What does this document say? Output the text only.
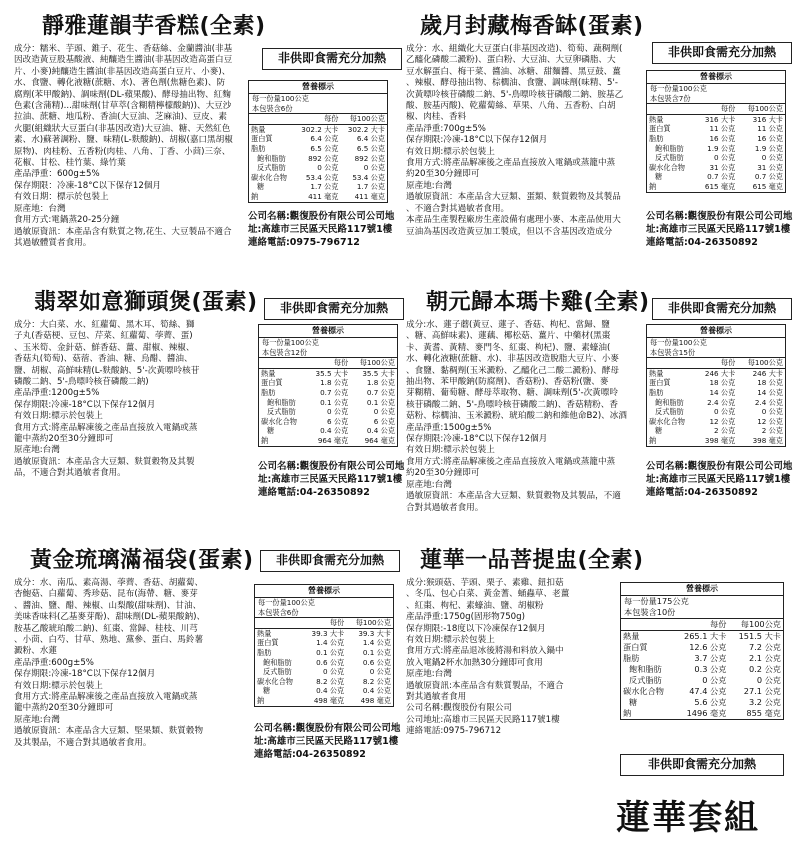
靜雅蓮韻芋香糕(全素)
非供即食需充分加熱
成分：糯米、芋頭、錐子、花生、香菇絲、金蘭醬油(非基
因改造黃豆股基酸液、純釀造生醬油(非基因改造高蛋白豆
片、小麥)純釀造生醬油(非基因改造高蛋白豆片、小麥)、
水、食鹽、轉化液糖(蔗糖、水)、著色劑(焦糖色素)、防
腐劑(苯甲酸鈉)、調味劑(DL-蘋果酸)、酵母抽出物、紅麴
色素(含蒲精)...甜味劑(甘草萃(含糊精檸檬酸鈉))、大豆沙
拉油、蔗糖、地瓜粉、香油(大豆油、芝麻油)、豆皮、素
火腿(組織狀大豆蛋白(非基因改造)大豆油、糖、天然紅色
素、水)蘇著調粉、鹽、味精(L-麩酸鈉)、胡椒(嘉口黑胡椒
原物)、肉桂粉、五香粉(肉桂、八角、丁香、小茴)三奈、
花椒、甘松、桂竹葉、綠竹葉
產品淨重：600g±5%
保存期限：冷凍-18°C以下保存12個月
有效日期：標示於包裝上
原產地：台灣
食用方式:電鍋蒸20-25分鐘
過敏原資訊：本產品含有麩質之物,花生、大豆製品不適合
其過敏體質者食用。
營養標示
每一份量100公克
本包裝含6份
	每份	每100公克
熱量	302.2 大卡	302.2 大卡
蛋白質	6.4 公克	6.4 公克
脂肪	6.5 公克	6.5 公克
飽和脂肪	892 公克	892 公克
反式脂肪	0 公克	0 公克
碳水化合物	53.4 公克	53.4 公克
糖	1.7 公克	1.7 公克
鈉	411 毫克	411 毫克
公司名稱:觀復股份有限公司公司地址:高雄市三民區天民路117號1樓連絡電話:0975-796712
歲月封藏梅香缽(蛋素)
非供即食需充分加熱
成分：水、組織化大豆蛋白(非基因改造)、筍萄、蔬稠劑(
乙醯化磷酸二澱粉)、蛋白粉、大豆油、大豆卵磷脂、大
豆水解蛋白、梅干菜、醬油、冰糖、甜麵醬、黑豆鼓、薑
、辣椒、酵母抽出物、棕櫚油、食鹽、調味劑(味精、5'-
次黃嘌呤核苷磷酸二鈉、5'-鳥嘌呤核苷磷酸二鈉、胺基乙
酸、胺基丙酸)、乾蘿蔔絲、草果、八角、五香粉、白胡
椒、肉桂、香料
產品淨重:700g±5%
保存期限:冷凍-18°C以下保存12個月
有效日期:標示於包裝上
食用方式:將產品解凍後之產品直接放入電鍋或蒸籠中蒸
約20至30分鐘即可
原產地:台灣
過敏原資訊：本產品含大豆類、蛋類、麩質穀物及其製品
、不適合對其過敏者食用。
本產品生產製程廠房生產設備有處理小麥、本產品使用大
豆油為基因改造黃豆加工製成，但以不含基因改造成分
營養標示
每一份量100公克
本包裝含7份
	每份	每100公克
熱量	316 大卡	316 大卡
蛋白質	11 公克	11 公克
脂肪	16 公克	16 公克
飽和脂肪	1.9 公克	1.9 公克
反式脂肪	0 公克	0 公克
碳水化合物	31 公克	31 公克
糖	0.7 公克	0.7 公克
鈉	615 毫克	615 毫克
公司名稱:觀復股份有限公司公司地址:高雄市三民區天民路117號1樓連絡電話:04-26350892
翡翠如意獅頭煲(蛋素)	非供即食需充分加熱
成分：大白菜、水、紅蘿蔔、黑木耳、筍絲、獅
子丸(香菇梗、豆包、芹菜、紅蘿蔔、荸薺、蛋)
、玉米筍、金針菇、鮮香菇、薑、甜椒、辣椒、
香菇丸(筍萄)、菇蓿、香油、糖、烏醋、醬油、
鹽、胡椒、高鮮味精(L-麩酸鈉、5'-次黃嘌呤核苷
磷酸二鈉、5'-鳥嘌呤核苷磷酸二鈉)
產品淨重:1200g±5%
保存期限:冷凍-18°C以下保存12個月
有效日期:標示於包裝上
食用方式:將產品解凍後之產品直接放入電鍋或蒸
籠中蒸約20至30分鐘即可
原產地:台灣
過敏原資訊：本產品含大豆類、麩質穀物及其製
品，不適合對其過敏者食用。
營養標示
每一份量100公克
本包裝含12份
	每份	每100公克
熱量	35.5 大卡	35.5 大卡
蛋白質	1.8 公克	1.8 公克
脂肪	0.7 公克	0.7 公克
飽和脂肪	0.1 公克	0.1 公克
反式脂肪	0 公克	0 公克
碳水化合物	6 公克	6 公克
糖	0.4 公克	0.4 公克
鈉	964 毫克	964 毫克
公司名稱:觀復股份有限公司公司地址:高雄市三民區天民路117號1樓連絡電話:04-26350892
朝元歸本瑪卡雞(全素)	非供即食需充分加熱
成分:水、蓮子蘑(黃豆、蓮子、香菇、枸杞、當歸、鹽
、糖、高鮮味素)、蓮藕、椰松菇、薑片、中藥材(黑棗
卡、黃耆、黃精、麥門冬、紅棗、枸杞)、鹽、素蠔油(
水、轉化液糖(蔗糖、水)、非基因改造脫脂大豆片、小麥
、食鹽、黏稠劑(玉米澱粉、乙醯化己二酸二澱粉)、酵母
抽出物、苯甲酸鈉(防腐劑)、香菇粉)、香菇粉(鹽、麥
芽糊精、葡萄糖、酵母萃取物、糖、調味劑(5'-次黃嘌呤
核苷磷酸二鈉、5'-鳥嘌呤核苷磷酸二鈉)、香菇精粉、香
菇粉、棕櫚油、玉米澱粉、琥珀酸二鈉和維他命B2)、冰酒
產品淨重:1500g±5%
保存期限:冷凍-18°C以下保存12個月
有效日期:標示於包裝上
食用方式:將產品解凍後之產品直接放入電鍋或蒸籠中蒸
約20至30分鐘即可
原產地:台灣
過敏原資訊：本產品含大豆類、麩質穀物及其製品，不適
合對其過敏者食用。
營養標示
每一份量100公克
本包裝含15份
	每份	每100公克
熱量	246 大卡	246 大卡
蛋白質	18 公克	18 公克
脂肪	14 公克	14 公克
飽和脂肪	2.4 公克	2.4 公克
反式脂肪	0 公克	0 公克
碳水化合物	12 公克	12 公克
糖	2 公克	2 公克
鈉	398 毫克	398 毫克
公司名稱:觀復股份有限公司公司地址:高雄市三民區天民路117號1樓連絡電話:04-26350892
黃金琉璃滿福袋(蛋素)	非供即食需充分加熱
成分：水、南瓜、素高湯、荸薺、香菇、胡蘿蔔、
杏鮑菇、白蘿蔔、秀珍菇、昆布(海帶、糖、麥芽
、醬油、鹽、醋、辣椒、山梨酸(甜味劑)、甘油、
美味香味料(乙基麥芽酚)、甜味劑(DL-蘋果酸鈉)、
胺基乙酸琥珀酸二鈉)、紅棗、當歸、桂枝、川芎
、小茴、白芍、甘草、熟地、黨參、蛋白、馬鈴薯
澱粉、水蓮
產品淨重:600g±5%
保存期限:冷凍-18°C以下保存12個月
有效日期:標示於包裝上
食用方式:將產品解凍後之產品直接放入電鍋或蒸
籠中蒸約20至30分鐘即可
原產地:台灣
過敏原資訊：本產品含大豆類、堅果類、麩質穀物
及其製品，不適合對其過敏者食用。
營養標示
每一份量100公克
本包裝含6份
	每份	每100公克
熱量	39.3 大卡	39.3 大卡
蛋白質	1.4 公克	1.4 公克
脂肪	0.1 公克	0.1 公克
飽和脂肪	0.6 公克	0.6 公克
反式脂肪	0 公克	0 公克
碳水化合物	8.2 公克	8.2 公克
糖	0.4 公克	0.4 公克
鈉	498 毫克	498 毫克
公司名稱:觀復股份有限公司公司地址:高雄市三民區天民路117號1樓連絡電話:04-26350892
蓮華一品菩提盅(全素)
成分:猴頭菇、芋頭、栗子、素雞、鈕扣菇
、冬瓜、包心白菜、黃金蓍、蛹蟲草、老薑
、紅棗、枸杞、素蠔油、鹽、胡椒粉
產品淨重:1750g(固形物750g)
保存期限:-18度以下冷凍保存12個月
有效日期:標示於包裝上
食用方式:將產品退冰後將湯和料放入鍋中
放入電鍋2杯水加熱30分鐘即可食用
原產地:台灣
過敏原資訊:本產品含有麩質製品，不適合
對其過敏者食用
公司名稱:觀復股份有限公司
公司地址:高雄市三民區天民路117號1樓
連絡電話:0975-796712
營養標示
每一份量175公克
本包裝含10份
	每份	每100公克
熱量	265.1 大卡	151.5 大卡
蛋白質	12.6 公克	7.2 公克
脂肪	3.7 公克	2.1 公克
飽和脂肪	0.3 公克	0.2 公克
反式脂肪	0 公克	0 公克
碳水化合物	47.4 公克	27.1 公克
糖	5.6 公克	3.2 公克
鈉	1496 毫克	855 毫克
非供即食需充分加熱
蓮華套組
